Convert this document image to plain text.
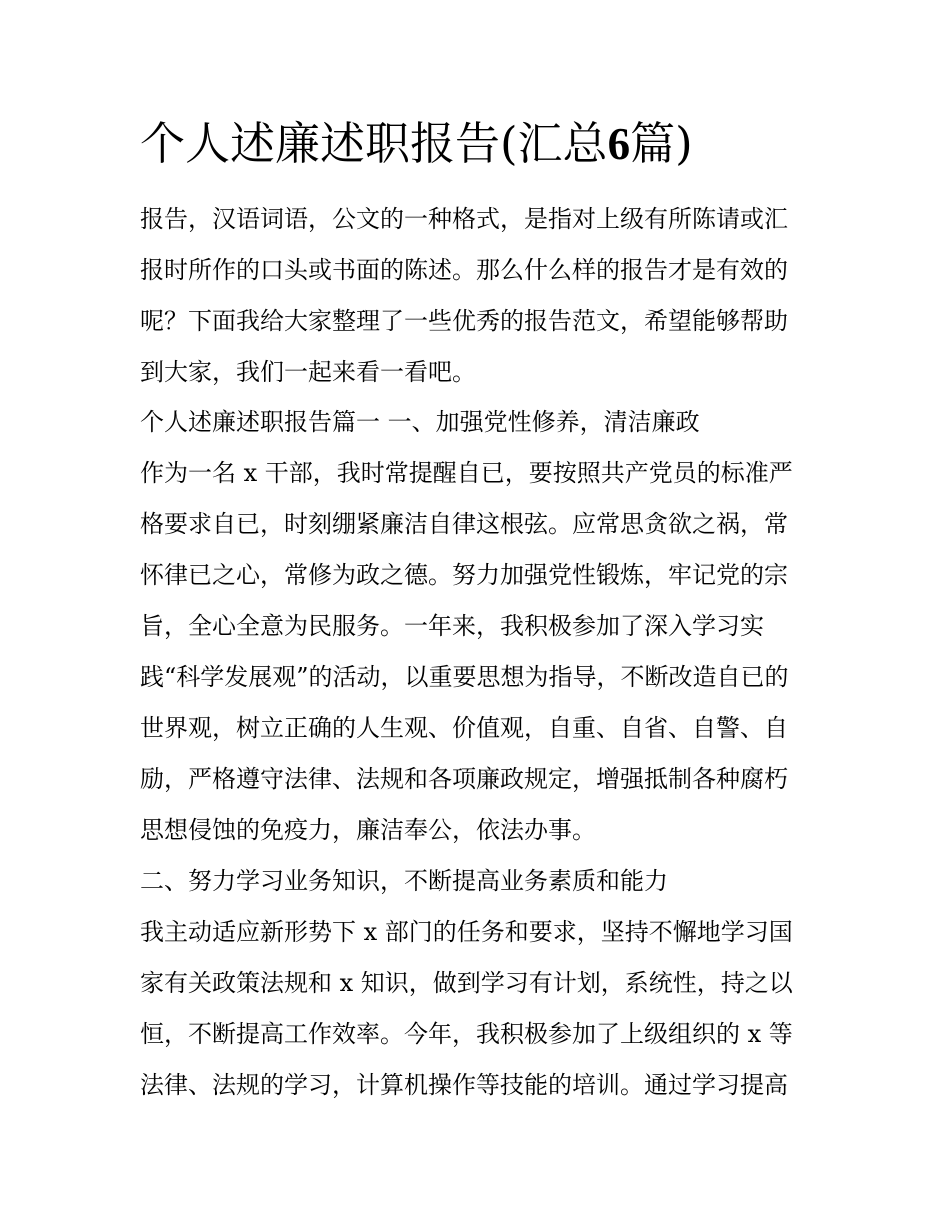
个人述廉述职报告(汇总6篇)
报告，汉语词语，公文的一种格式，是指对上级有所陈请或汇
报时所作的口头或书面的陈述。那么什么样的报告才是有效的
呢？下面我给大家整理了一些优秀的报告范文，希望能够帮助
到大家，我们一起来看一看吧。
个人述廉述职报告篇一 一、加强党性修养，清洁廉政
作为一名 x 干部，我时常提醒自已，要按照共产党员的标准严
格要求自已，时刻绷紧廉洁自律这根弦。应常思贪欲之祸，常
怀律已之心，常修为政之德。努力加强党性锻炼，牢记党的宗
旨，全心全意为民服务。一年来，我积极参加了深入学习实
践“科学发展观”的活动，以重要思想为指导，不断改造自已的
世界观，树立正确的人生观、价值观，自重、自省、自警、自
励，严格遵守法律、法规和各项廉政规定，增强抵制各种腐朽
思想侵蚀的免疫力，廉洁奉公，依法办事。
二、努力学习业务知识，不断提高业务素质和能力
我主动适应新形势下 x 部门的任务和要求，坚持不懈地学习国
家有关政策法规和 x 知识，做到学习有计划，系统性，持之以
恒，不断提高工作效率。今年，我积极参加了上级组织的 x 等
法律、法规的学习，计算机操作等技能的培训。通过学习提高
